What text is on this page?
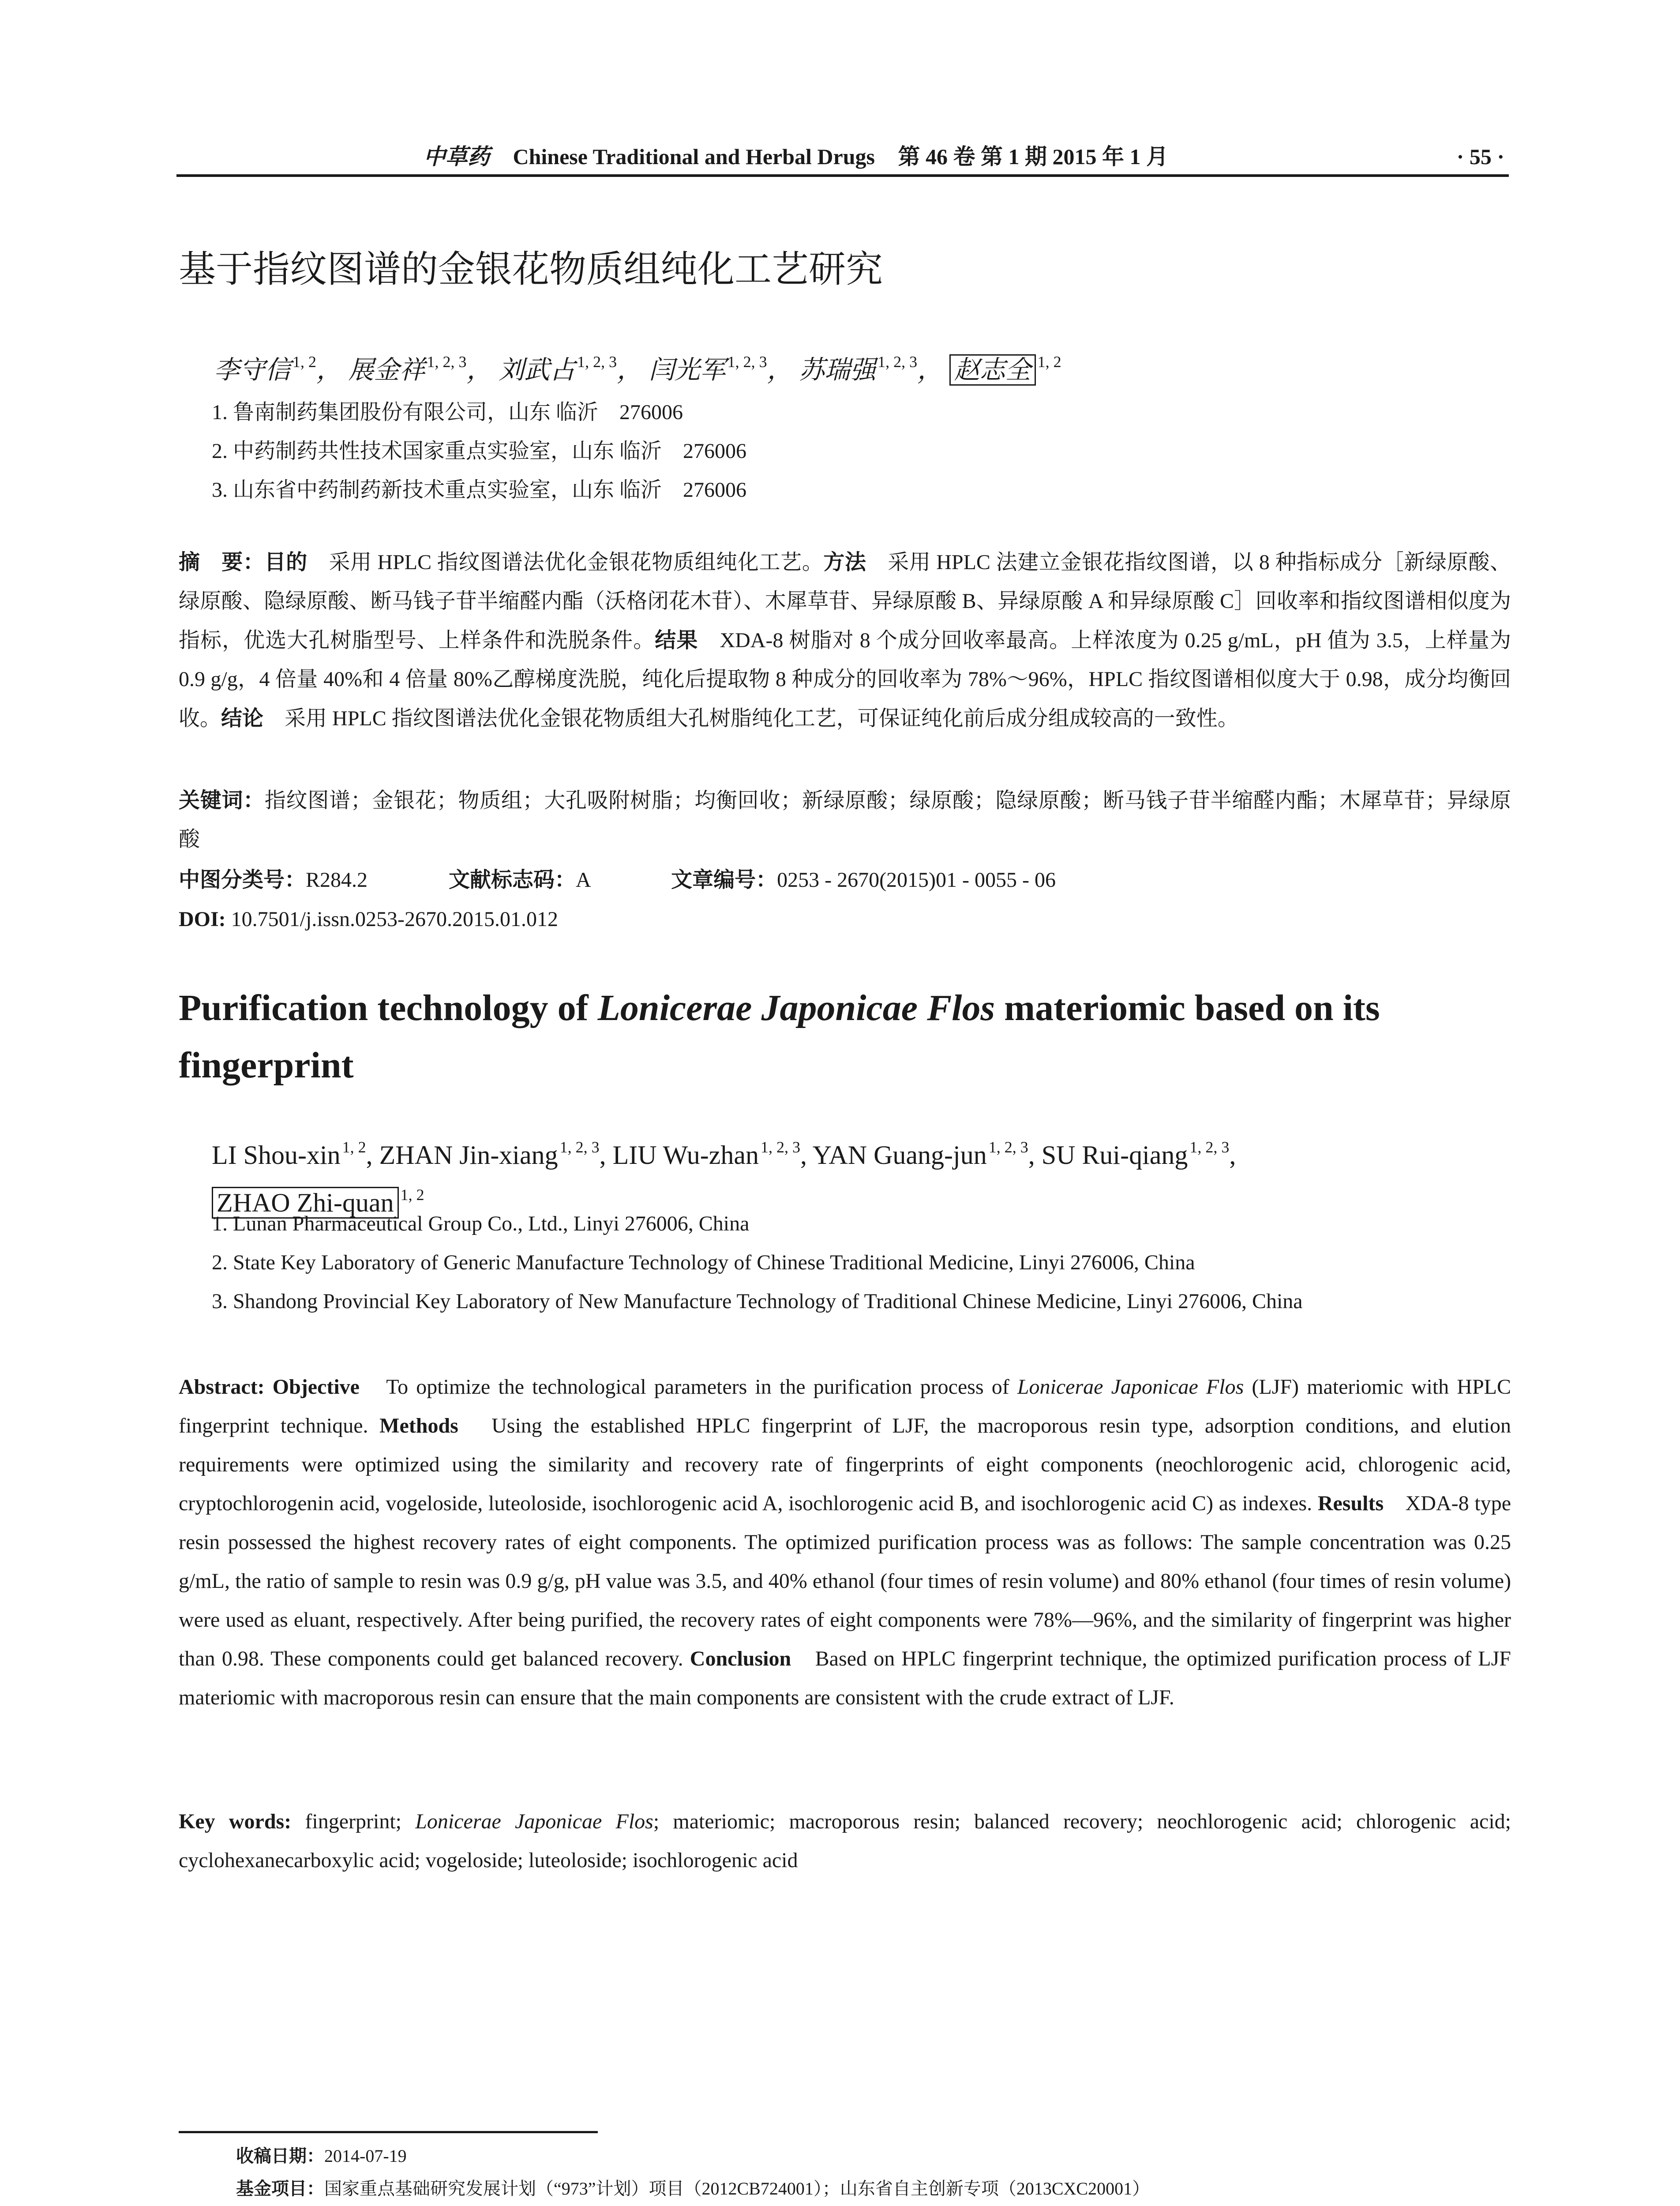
中草药 Chinese Traditional and Herbal Drugs 第 46 卷 第 1 期 2015 年 1 月	· 55 ·
基于指纹图谱的金银花物质组纯化工艺研究
李守信 $^{1, 2}$， 展金祥 $^{1, 2, 3}$， 刘武占 $^{1, 2, 3}$， 闫光军 $^{1, 2, 3}$， 苏瑞强 $^{1, 2, 3}$， 赵志全 $^{1, 2}$
1. 鲁南制药集团股份有限公司，山东 临沂　276006
2. 中药制药共性技术国家重点实验室，山东 临沂　276006
3. 山东省中药制药新技术重点实验室，山东 临沂　276006
摘　要：目的　采用 HPLC 指纹图谱法优化金银花物质组纯化工艺。方法　采用 HPLC 法建立金银花指纹图谱，以 8 种指标成分［新绿原酸、绿原酸、隐绿原酸、断马钱子苷半缩醛内酯（沃格闭花木苷）、木犀草苷、异绿原酸 B、异绿原酸 A 和异绿原酸 C］回收率和指纹图谱相似度为指标，优选大孔树脂型号、上样条件和洗脱条件。结果　XDA-8 树脂对 8 个成分回收率最高。上样浓度为 0.25 g/mL，pH 值为 3.5，上样量为 0.9 g/g，4 倍量 40%和 4 倍量 80%乙醇梯度洗脱，纯化后提取物 8 种成分的回收率为 78%～96%，HPLC 指纹图谱相似度大于 0.98，成分均衡回收。结论　采用 HPLC 指纹图谱法优化金银花物质组大孔树脂纯化工艺，可保证纯化前后成分组成较高的一致性。
关键词：指纹图谱；金银花；物质组；大孔吸附树脂；均衡回收；新绿原酸；绿原酸；隐绿原酸；断马钱子苷半缩醛内酯；木犀草苷；异绿原酸
中图分类号：R284.2	文献标志码：A	文章编号：0253 - 2670(2015)01 - 0055 - 06
DOI: 10.7501/j.issn.0253-2670.2015.01.012
Purification technology of Lonicerae Japonicae Flos materiomic based on its fingerprint
LI Shou-xin $^{1, 2}$, ZHAN Jin-xiang $^{1, 2, 3}$, LIU Wu-zhan $^{1, 2, 3}$, YAN Guang-jun $^{1, 2, 3}$, SU Rui-qiang $^{1, 2, 3}$,
ZHAO Zhi-quan $^{1, 2}$
1. Lunan Pharmaceutical Group Co., Ltd., Linyi 276006, China
2. State Key Laboratory of Generic Manufacture Technology of Chinese Traditional Medicine, Linyi 276006, China
3. Shandong Provincial Key Laboratory of New Manufacture Technology of Traditional Chinese Medicine, Linyi 276006, China
Abstract: Objective　To optimize the technological parameters in the purification process of Lonicerae Japonicae Flos (LJF) materiomic with HPLC fingerprint technique. Methods　Using the established HPLC fingerprint of LJF, the macroporous resin type, adsorption conditions, and elution requirements were optimized using the similarity and recovery rate of fingerprints of eight components (neochlorogenic acid, chlorogenic acid, cryptochlorogenin acid, vogeloside, luteoloside, isochlorogenic acid A, isochlorogenic acid B, and isochlorogenic acid C) as indexes. Results　XDA-8 type resin possessed the highest recovery rates of eight components. The optimized purification process was as follows: The sample concentration was 0.25 g/mL, the ratio of sample to resin was 0.9 g/g, pH value was 3.5, and 40% ethanol (four times of resin volume) and 80% ethanol (four times of resin volume) were used as eluant, respectively. After being purified, the recovery rates of eight components were 78%—96%, and the similarity of fingerprint was higher than 0.98. These components could get balanced recovery. Conclusion　Based on HPLC fingerprint technique, the optimized purification process of LJF materiomic with macroporous resin can ensure that the main components are consistent with the crude extract of LJF.
Key words: fingerprint; Lonicerae Japonicae Flos; materiomic; macroporous resin; balanced recovery; neochlorogenic acid; chlorogenic acid; cyclohexanecarboxylic acid; vogeloside; luteoloside; isochlorogenic acid
收稿日期：2014-07-19
基金项目：国家重点基础研究发展计划（“973”计划）项目（2012CB724001）；山东省自主创新专项（2013CXC20001）
